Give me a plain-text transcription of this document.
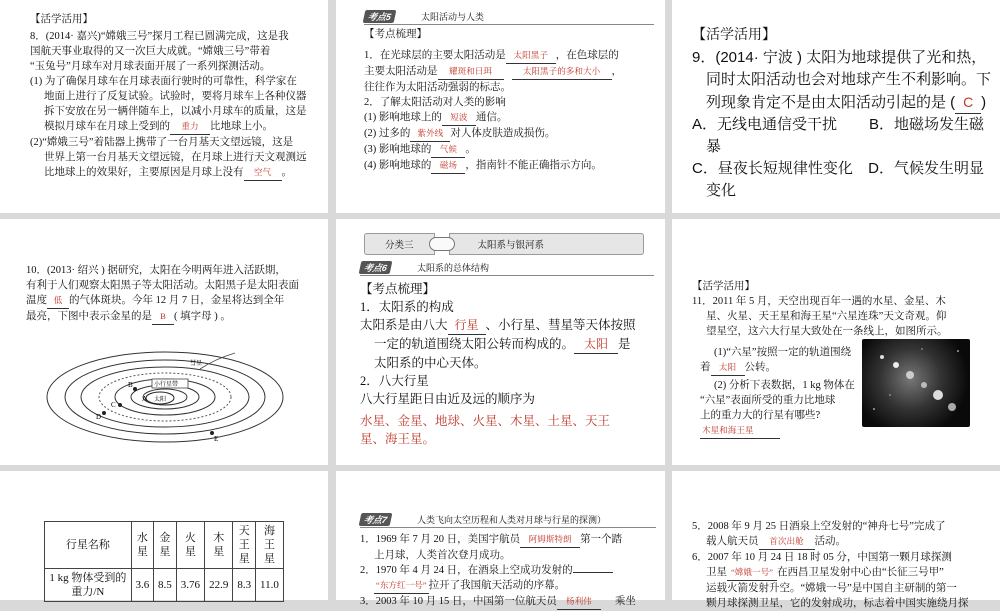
【活学活用】
8．(2014· 嘉兴)“嫦娥三号”探月工程已圆满完成，这是我
国航天事业取得的又一次巨大成就。“嫦娥三号”带着
“玉兔号”月球车对月球表面开展了一系列探测活动。
(1) 为了确保月球车在月球表面行驶时的可靠性，科学家在
地面上进行了反复试验。试验时，要将月球车上各种仪器
拆下安放在另一辆伴随车上，以减小月球车的质量，这是
模拟月球车在月球上受到的 重力 比地球上小。
(2)“嫦娥三号”着陆器上携带了一台月基天文望远镜，这是
世界上第一台月基天文望远镜，在月球上进行天文观测远
比地球上的效果好，主要原因是月球上没有 空气 。
考点5	太阳活动与人类
【考点梳理】
1．在光球层的主要太阳活动是 太阳黑子 ，在色球层的
主要太阳活动是 耀斑和日珥	太阳黑子的多和大小 ，
往往作为太阳活动强弱的标志。
2．了解太阳活动对人类的影响
(1) 影响地球上的 短波 通信。
(2) 过多的 紫外线 对人体皮肤造成损伤。
(3) 影响地球的 气候 。
(4) 影响地球的 磁场 ，指南针不能正确指示方向。
【活学活用】
9．(2014· 宁波 ) 太阳为地球提供了光和热，
同时太阳活动也会对地球产生不利影响。下
列现象肯定不是由太阳活动引起的是 ( C )
A．无线电通信受干扰 B．地磁场发生磁
暴
C．昼夜长短规律性变化 D．气候发生明显
变化
10．(2013· 绍兴 ) 据研究，太阳在今明两年进入活跃期，
有利于人们观察太阳黑子等太阳活动。太阳黑子是太阳表面
温度 低 的气体斑块。今年 12 月 7 日，金星将达到全年
最亮，下图中表示金星的是 B ( 填字母 ) 。
太阳
A
B
C
D
E
小行星带
彗星
分类三	太阳系与银河系
考点6	太阳系的总体结构
【考点梳理】
1．太阳系的构成
太阳系是由八大 行星 、小行星、彗星等天体按照
一定的轨道围绕太阳公转而构成的。 太阳 是
太阳系的中心天体。
2．八大行星
八大行星距日由近及远的顺序为
水星、金星、地球、火星、木星、土星、天王
星、海王星。
【活学活用】
11．2011 年 5 月，天空出现百年一遇的水星、金星、木
星、火星、天王星和海王星“六星连珠”天文奇观。仰
望星空，这六大行星大致处在一条线上，如图所示。
(1)“六星”按照一定的轨道围绕
着 太阳 公转。
(2) 分析下表数据，1 kg 物体在
“六星”表面所受的重力比地球
上的重力大的行星有哪些?
木星和海王星
行星名称	水星	金星	火星	木星	天王星	海王星
1 kg 物体受到的重力/N	3.6	8.5	3.76	22.9	8.3	11.0
考点7	人类飞向太空历程和人类对月球与行星的探测）
1．1969 年 7 月 20 日，美国宇航员 阿姆斯特朗 第一个踏
上月球，人类首次登月成功。
2．1970 年 4 月 24 日，在酒泉上空成功发射的
“东方红一号” 拉开了我国航天活动的序幕。
3．2003 年 10 月 15 日，中国第一位航天员 杨利伟 乘坐
5．2008 年 9 月 25 日酒泉上空发射的“神舟七号”完成了
载人航天员 首次出舱 活动。
6．2007 年 10 月 24 日 18 时 05 分，中国第一颗月球探测
卫星 “嫦娥一号” 在西昌卫星发射中心由“长征三号甲”
运载火箭发射升空。“嫦娥一号”是中国自主研制的第一
颗月球探测卫星，它的发射成功，标志着中国实施绕月探
